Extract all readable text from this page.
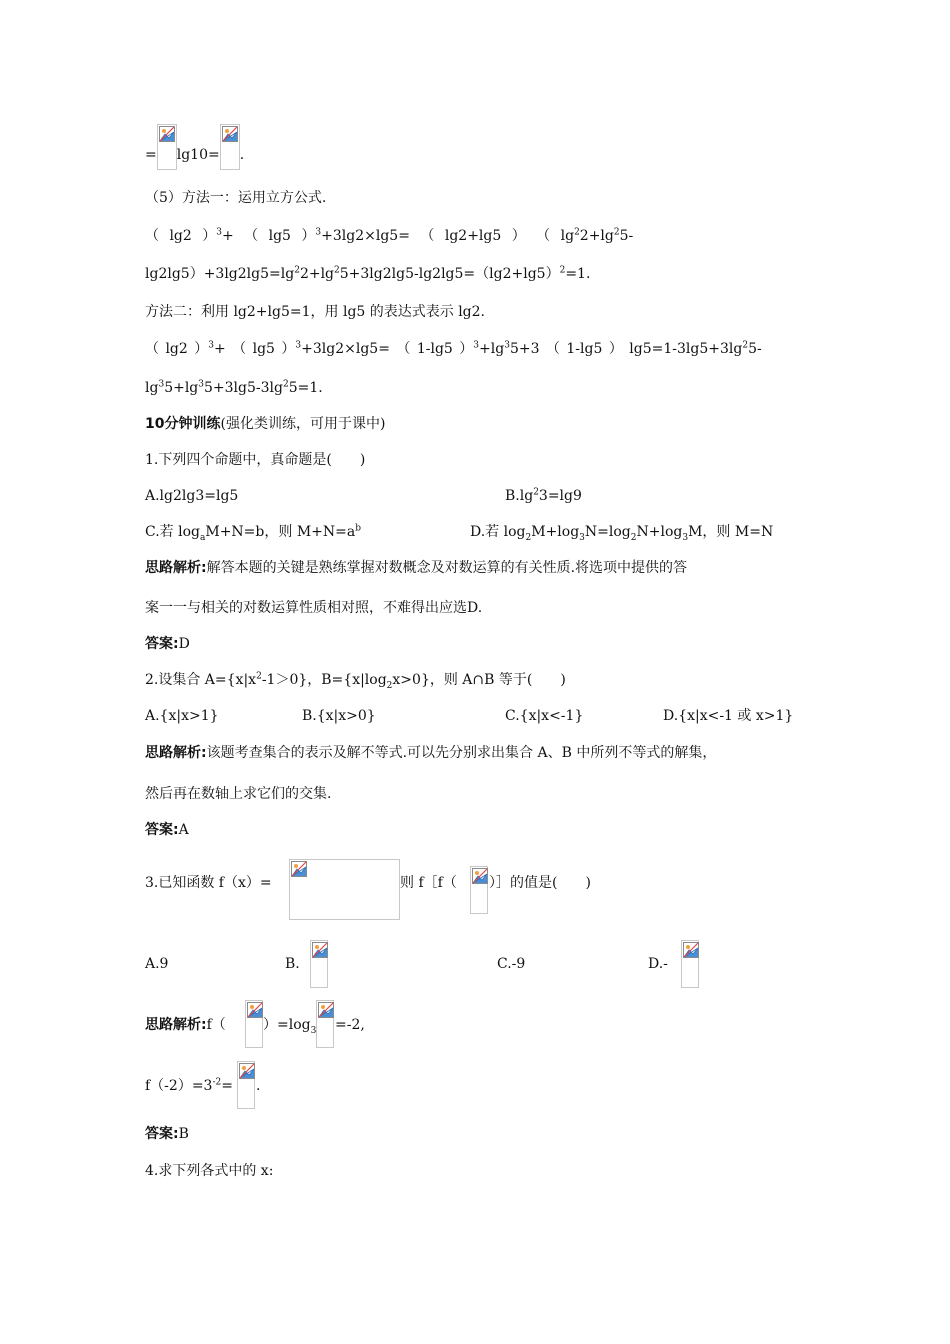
= lg10= .
（5）方法一：运用立方公式.
（ lg2 ）$^3$+ （ lg5 ）$^3$+3lg2×lg5= （ lg2+lg5 ） （ $\lg^22+\lg^25-$
$\lg 2\lg 5)+3\lg 2\lg 5=\lg^22+\lg^25+3\lg 2\lg 5-\lg 2\lg 5=(\lg 2+\lg 5)^2=1$.
方法二：利用 lg2+lg5=1，用 lg5 的表达式表示 lg2.
（ lg2 ）$^3$+ （ lg5 ）$^3$+3lg2×lg5= （ 1-lg5 ）$^3+\lg^35+3$ （ 1-lg5 ） $\lg 5=1-3\lg 5+3\lg^25-$
$\lg^35+\lg^35+3\lg 5-3\lg^25=1$.
10分钟训练(强化类训练，可用于课中)
1.下列四个命题中，真命题是(　　)
A.lg2lg3=lg5	$B.\lg^23=\lg 9$
C.若 $\log_aM+N=b$，则 $M+N=a^b$	D.若 $\log_2M+\log_3N=\log_2N+\log_3M$，则 M=N
思路解析:解答本题的关键是熟练掌握对数概念及对数运算的有关性质.将选项中提供的答
案一一与相关的对数运算性质相对照，不难得出应选D.
答案:D
2.设集合 $A=\{x|x^2-1>0\}$，$B=\{x|\log_2x>0\}$，则 A∩B 等于(　　)
A.{x|x>1}	B.{x|x>0}	C.{x|x<-1}	D.{x|x<-1 或 x>1}
思路解析:该题考查集合的表示及解不等式.可以先分别求出集合 A、B 中所列不等式的解集，
然后再在数轴上求它们的交集.
答案:A
3.已知函数 f（x）=	则 f［f（ ）］的值是(　　)
A.9	B.	C.-9	D.-
思路解析:f（	）$=\log_3 =-2$,
$f(-2)=3^{-2}=$ .
答案:B
4.求下列各式中的 x:
